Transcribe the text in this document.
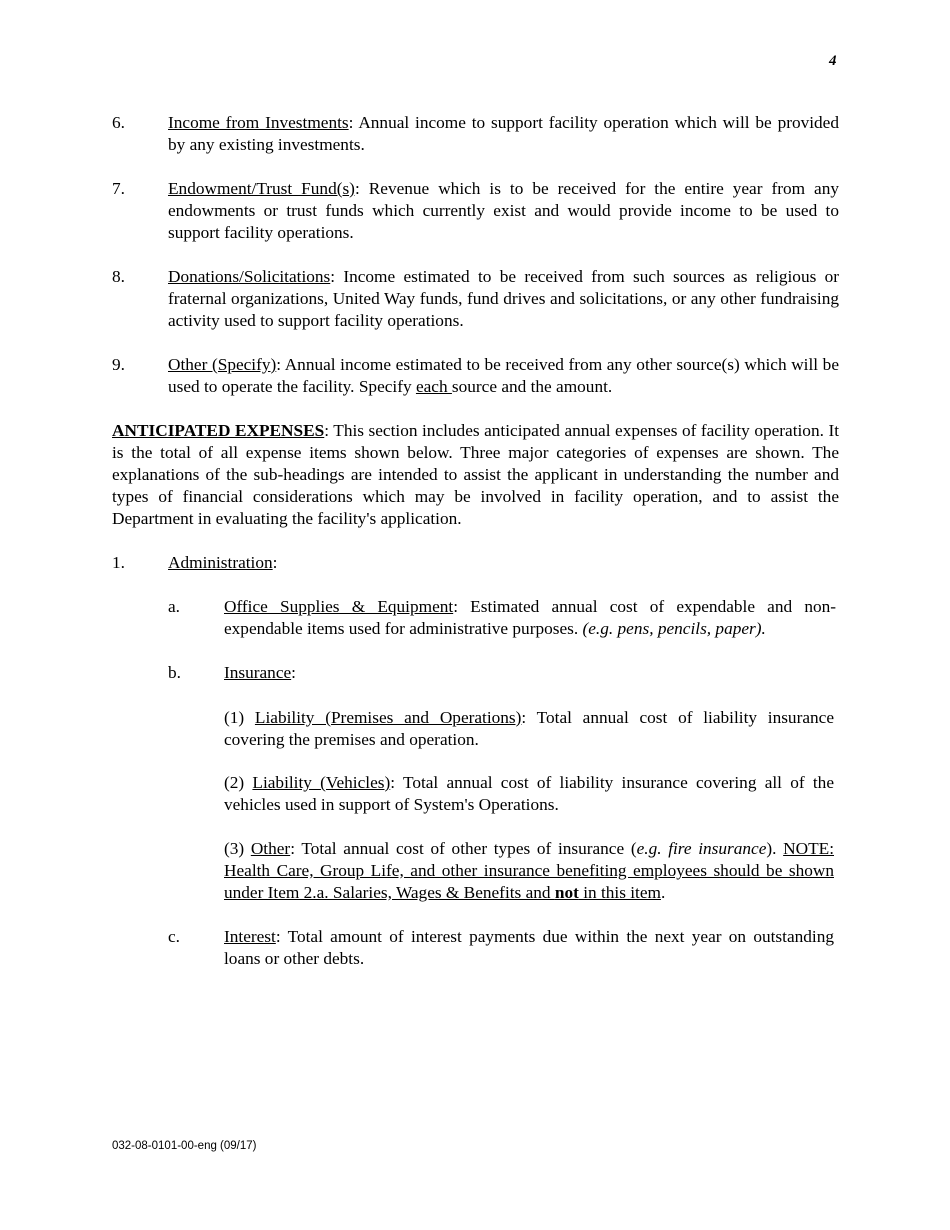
4
6. Income from Investments: Annual income to support facility operation which will be provided by any existing investments.
7. Endowment/Trust Fund(s): Revenue which is to be received for the entire year from any endowments or trust funds which currently exist and would provide income to be used to support facility operations.
8. Donations/Solicitations: Income estimated to be received from such sources as religious or fraternal organizations, United Way funds, fund drives and solicitations, or any other fundraising activity used to support facility operations.
9. Other (Specify): Annual income estimated to be received from any other source(s) which will be used to operate the facility. Specify each source and the amount.
ANTICIPATED EXPENSES: This section includes anticipated annual expenses of facility operation. It is the total of all expense items shown below. Three major categories of expenses are shown. The explanations of the sub-headings are intended to assist the applicant in understanding the number and types of financial considerations which may be involved in facility operation, and to assist the Department in evaluating the facility's application.
1. Administration:
a.	Office Supplies & Equipment: Estimated annual cost of expendable and non-expendable items used for administrative purposes. (e.g. pens, pencils, paper).
b. Insurance:
(1) Liability (Premises and Operations): Total annual cost of liability insurance covering the premises and operation.
(2) Liability (Vehicles): Total annual cost of liability insurance covering all of the vehicles used in support of System's Operations.
(3) Other: Total annual cost of other types of insurance (e.g. fire insurance). NOTE: Health Care, Group Life, and other insurance benefiting employees should be shown under Item 2.a. Salaries, Wages & Benefits and not in this item.
c.	Interest: Total amount of interest payments due within the next year on outstanding loans or other debts.
032-08-0101-00-eng (09/17)
